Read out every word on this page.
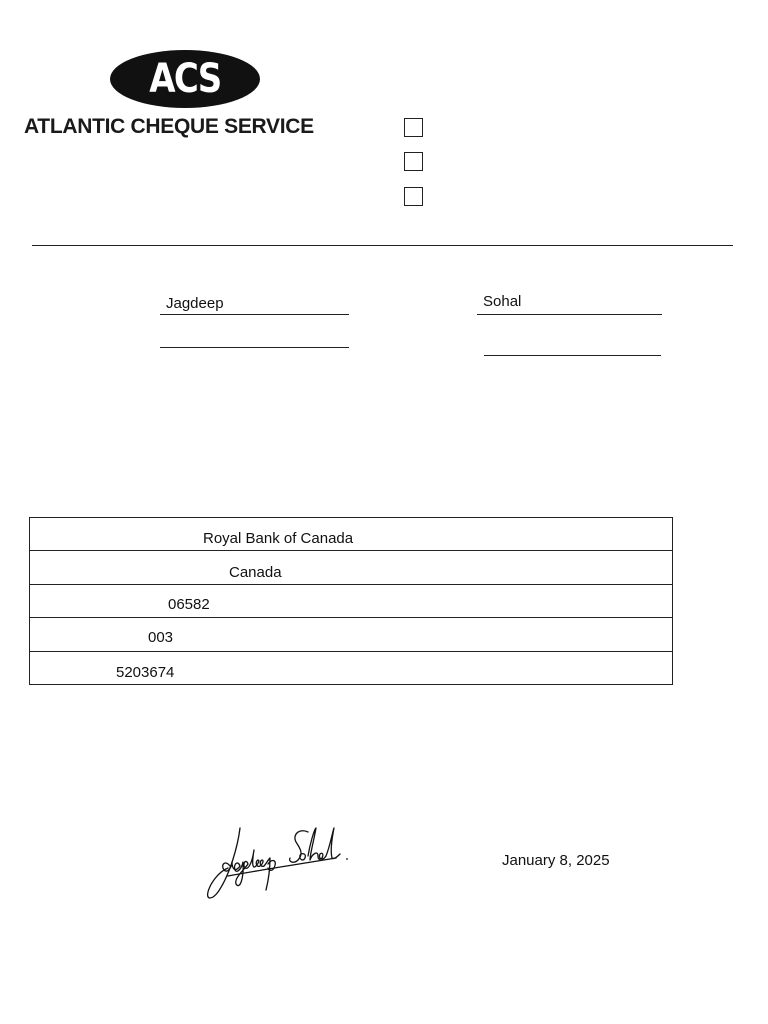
ACS
ATLANTIC CHEQUE SERVICE
Jagdeep	Sohal
Royal Bank of Canada
Canada
06582
003
5203674
January 8, 2025
